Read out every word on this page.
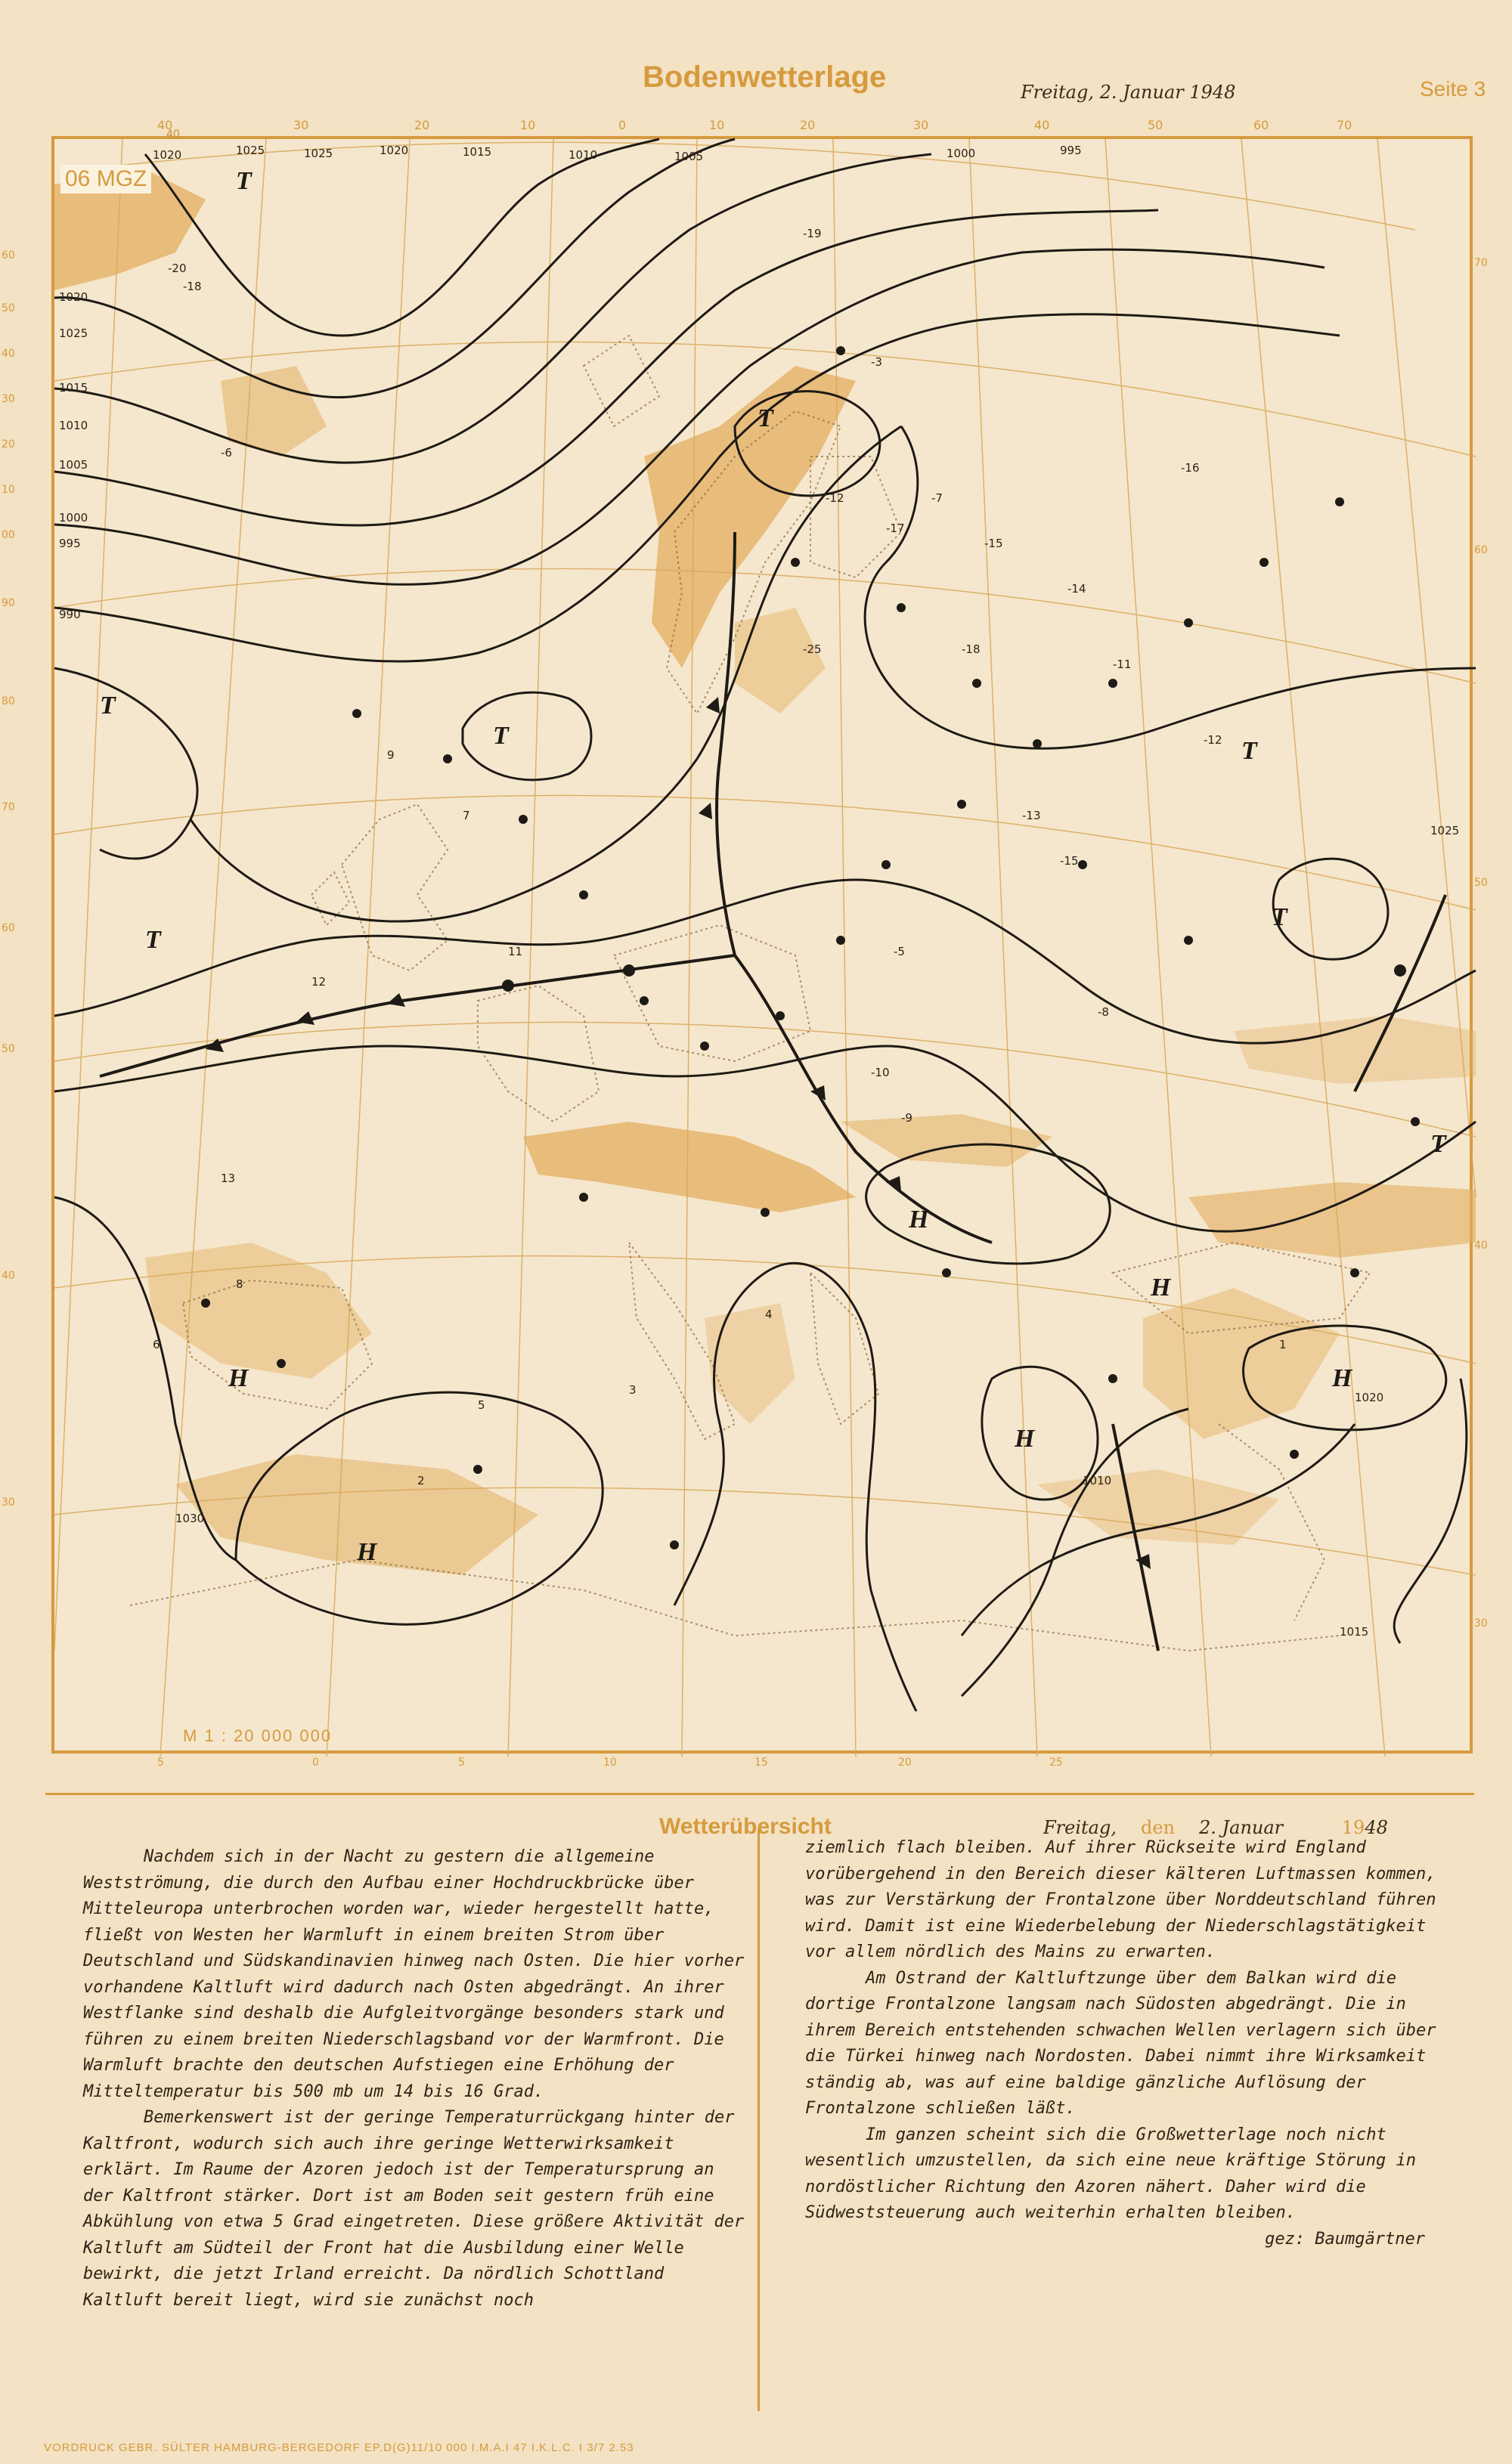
Bodenwetterlage	Freitag, 2. Januar 1948	Seite 3
1020
1025
1015
1010
1005
1000
995
990
1030
1010
1015
1020
1025
1020	1025	1025	1020	1015	1010	1005	1000	995
T
T
T
T
T
T
H
H
H
H
T
H
T
H
-19
-20
-18
-3
-12	-7
-6
-16
-18
-13
-25
-15
-17
-14
-11
-15
-12
-8
-5
-9
-10
9
7
12
11
13
8
6
5
4
3
2
1
40
06 MGZ
M 1 : 20 000 000
40	30	20	10	0	10	20	30	40	50	60	70
60
50
40
30
20
10
00
90
80
70
60
50
40
30
70
60
50
40
30
5	0	5	10	15	20	25
Wetterübersicht	Freitag, den 2. Januar	1948

Nachdem sich in der Nacht zu gestern die allgemeine Westströmung, die durch den Aufbau einer Hochdruckbrücke über Mitteleuropa unterbrochen worden war, wieder hergestellt hatte, fließt von Westen her Warmluft in einem breiten Strom über Deutschland und Südskandinavien hinweg nach Osten. Die hier vorher vorhandene Kaltluft wird dadurch nach Osten abgedrängt. An ihrer Westflanke sind deshalb die Aufgleitvorgänge besonders stark und führen zu einem breiten Niederschlagsband vor der Warmfront. Die Warmluft brachte den deutschen Aufstiegen eine Erhöhung der Mitteltemperatur bis 500 mb um 14 bis 16 Grad.

Bemerkenswert ist der geringe Temperaturrückgang hinter der Kaltfront, wodurch sich auch ihre geringe Wetterwirksamkeit erklärt. Im Raume der Azoren jedoch ist der Temperatursprung an der Kaltfront stärker. Dort ist am Boden seit gestern früh eine Abkühlung von etwa 5 Grad eingetreten. Diese größere Aktivität der Kaltluft am Südteil der Front hat die Ausbildung einer Welle bewirkt, die jetzt Irland erreicht. Da nördlich Schottland Kaltluft bereit liegt, wird sie zunächst noch

ziemlich flach bleiben. Auf ihrer Rückseite wird England vorübergehend in den Bereich dieser kälteren Luftmassen kommen, was zur Verstärkung der Frontalzone über Norddeutschland führen wird. Damit ist eine Wiederbelebung der Niederschlagstätigkeit vor allem nördlich des Mains zu erwarten.

Am Ostrand der Kaltluftzunge über dem Balkan wird die dortige Frontalzone langsam nach Südosten abgedrängt. Die in ihrem Bereich entstehenden schwachen Wellen verlagern sich über die Türkei hinweg nach Nordosten. Dabei nimmt ihre Wirksamkeit ständig ab, was auf eine baldige gänzliche Auflösung der Frontalzone schließen läßt.

Im ganzen scheint sich die Großwetterlage noch nicht wesentlich umzustellen, da sich eine neue kräftige Störung in nordöstlicher Richtung den Azoren nähert. Daher wird die Südweststeuerung auch weiterhin erhalten bleiben.

gez: Baumgärtner

VORDRUCK GEBR. SÜLTER HAMBURG-BERGEDORF EP.D(G)11/10 000 I.M.A.I 47 I.K.L.C. I 3/7 2.53
